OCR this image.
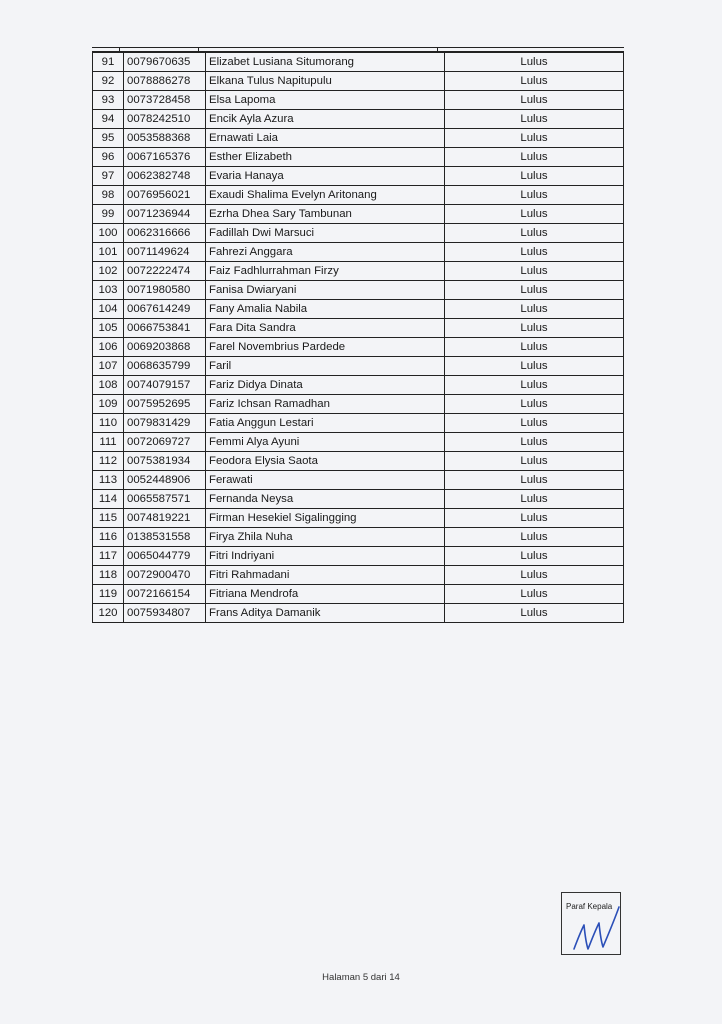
91	0079670635	Elizabet Lusiana Situmorang	Lulus
92	0078886278	Elkana Tulus Napitupulu	Lulus
93	0073728458	Elsa Lapoma	Lulus
94	0078242510	Encik Ayla Azura	Lulus
95	0053588368	Ernawati Laia	Lulus
96	0067165376	Esther Elizabeth	Lulus
97	0062382748	Evaria Hanaya	Lulus
98	0076956021	Exaudi Shalima Evelyn Aritonang	Lulus
99	0071236944	Ezrha Dhea Sary Tambunan	Lulus
100	0062316666	Fadillah Dwi Marsuci	Lulus
101	0071149624	Fahrezi Anggara	Lulus
102	0072222474	Faiz Fadhlurrahman Firzy	Lulus
103	0071980580	Fanisa Dwiaryani	Lulus
104	0067614249	Fany Amalia Nabila	Lulus
105	0066753841	Fara Dita Sandra	Lulus
106	0069203868	Farel Novembrius Pardede	Lulus
107	0068635799	Faril	Lulus
108	0074079157	Fariz Didya Dinata	Lulus
109	0075952695	Fariz Ichsan Ramadhan	Lulus
110	0079831429	Fatia Anggun Lestari	Lulus
111	0072069727	Femmi Alya Ayuni	Lulus
112	0075381934	Feodora Elysia Saota	Lulus
113	0052448906	Ferawati	Lulus
114	0065587571	Fernanda Neysa	Lulus
115	0074819221	Firman Hesekiel Sigalingging	Lulus
116	0138531558	Firya Zhila Nuha	Lulus
117	0065044779	Fitri Indriyani	Lulus
118	0072900470	Fitri Rahmadani	Lulus
119	0072166154	Fitriana Mendrofa	Lulus
120	0075934807	Frans Aditya Damanik	Lulus
Paraf Kepala
Halaman 5 dari 14
